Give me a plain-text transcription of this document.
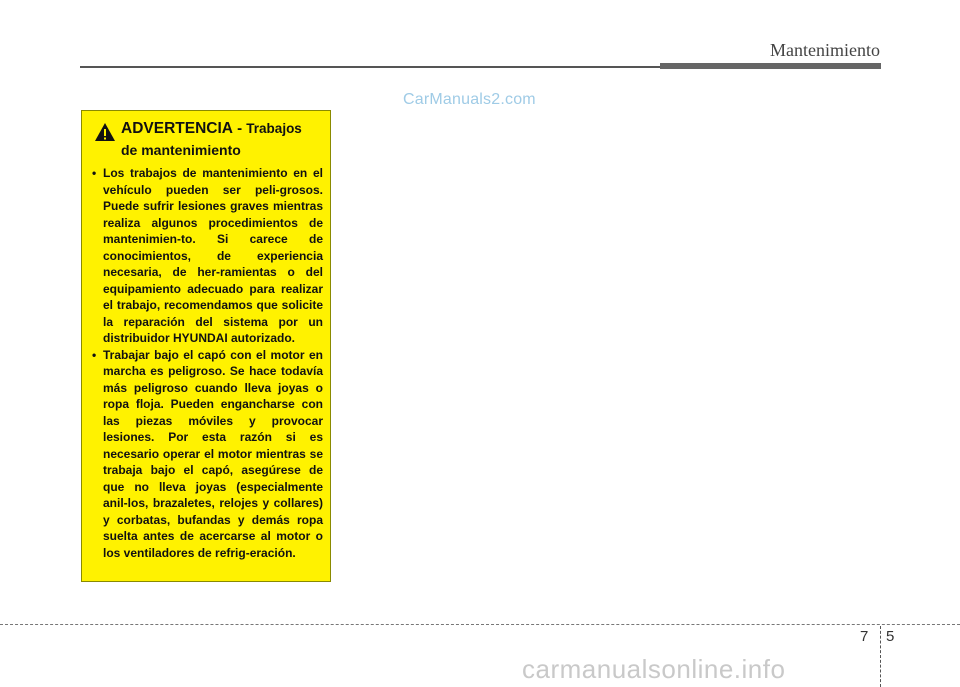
Mantenimiento
CarManuals2.com
ADVERTENCIA - Trabajos
de mantenimiento
• Los trabajos de mantenimiento en el vehículo pueden ser peli-grosos. Puede sufrir lesiones graves mientras realiza algunos procedimientos de mantenimien-to. Si carece de conocimientos, de experiencia necesaria, de her-ramientas o del equipamiento adecuado para realizar el trabajo, recomendamos que solicite la reparación del sistema por un distribuidor HYUNDAI autorizado.
• Trabajar bajo el capó con el motor en marcha es peligroso. Se hace todavía más peligroso cuando lleva joyas o ropa floja. Pueden engancharse con las piezas móviles y provocar lesiones. Por esta razón si es necesario operar el motor mientras se trabaja bajo el capó, asegúrese de que no lleva joyas (especialmente anil-los, brazaletes, relojes y collares) y corbatas, bufandas y demás ropa suelta antes de acercarse al motor o los ventiladores de refrig-eración.
7 5
carmanualsonline.info
